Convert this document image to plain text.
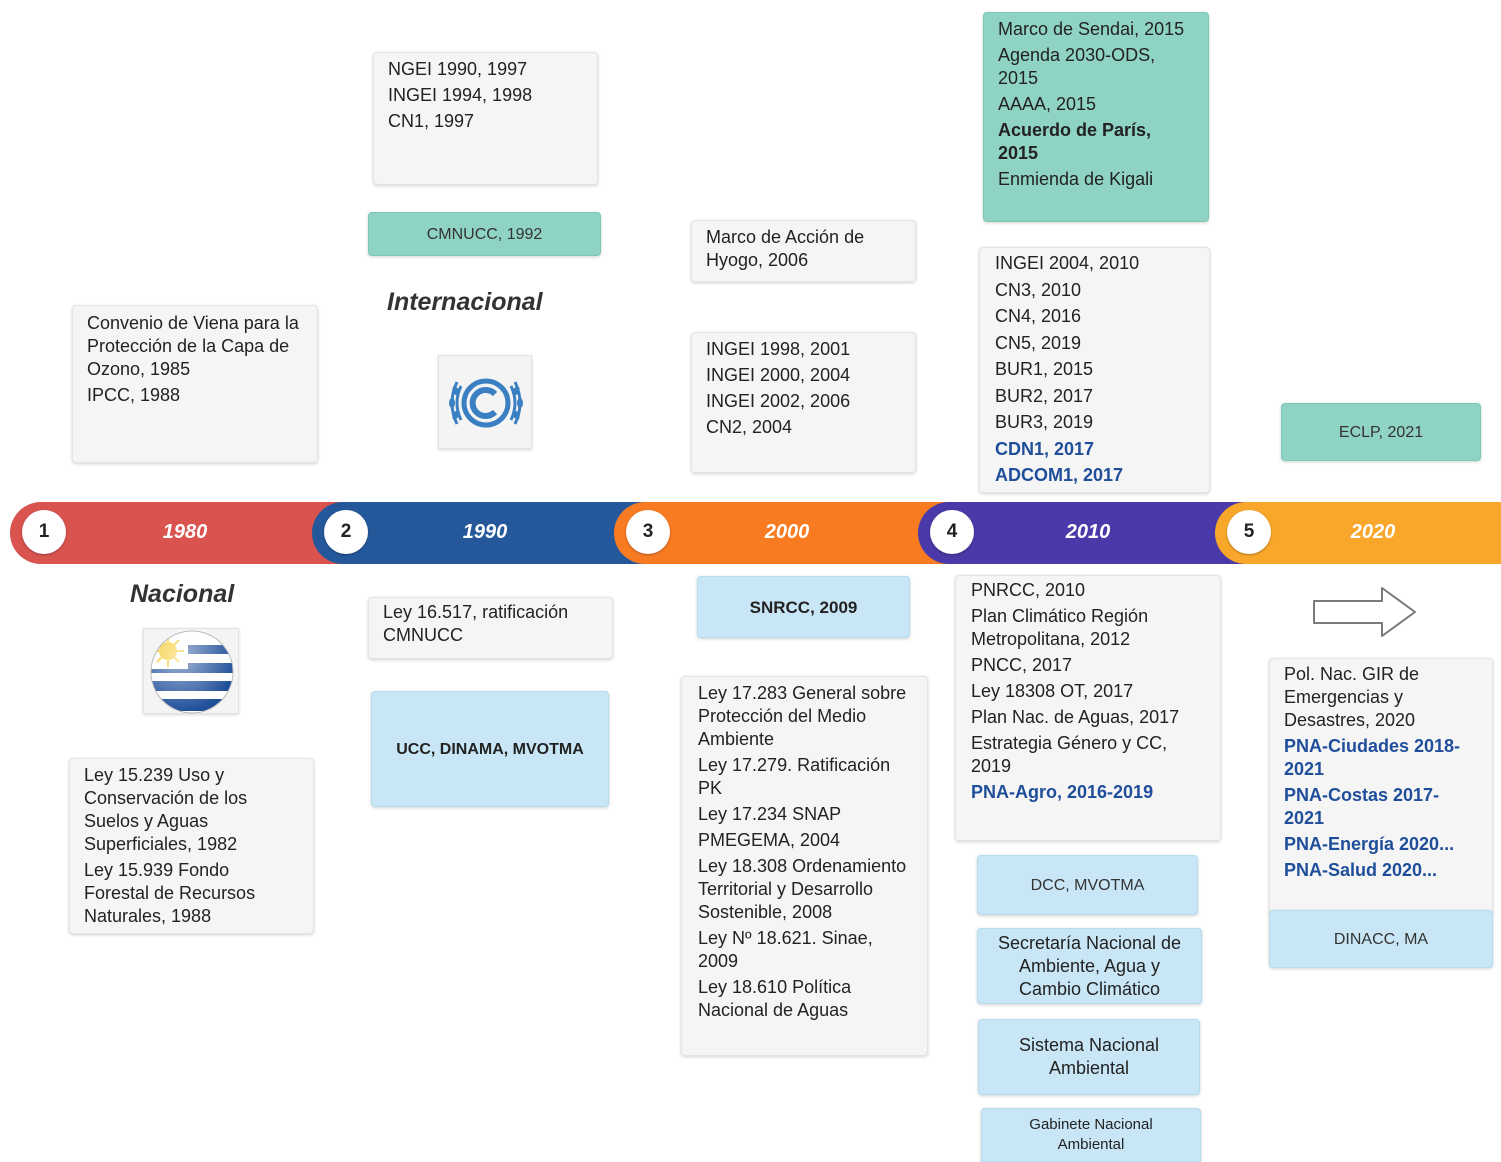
Convenio de Viena para la Protección de la Capa de Ozono, 1985
IPCC, 1988
NGEI 1990, 1997
INGEI 1994, 1998
CN1, 1997
CMNUCC, 1992
Internacional
Marco de Acción de Hyogo, 2006
INGEI 1998, 2001
INGEI 2000, 2004
INGEI 2002, 2006
CN2, 2004
Marco de Sendai, 2015
Agenda 2030-ODS, 2015
AAAA, 2015
Acuerdo de París, 2015
Enmienda de Kigali
INGEI 2004, 2010
CN3, 2010
CN4, 2016
CN5, 2019
BUR1, 2015
BUR2, 2017
BUR3, 2019
CDN1, 2017
ADCOM1, 2017
ECLP, 2021
1	1980	2	1990	3	2000	4	2010	5	2020
Nacional
Ley 15.239 Uso y Conservación de los Suelos y Aguas Superficiales, 1982
Ley 15.939 Fondo Forestal de Recursos Naturales, 1988
Ley 16.517, ratificación CMNUCC
UCC, DINAMA, MVOTMA
SNRCC, 2009
Ley 17.283 General sobre Protección del Medio Ambiente
Ley 17.279. Ratificación PK
Ley 17.234 SNAP
PMEGEMA, 2004
Ley 18.308 Ordenamiento Territorial y Desarrollo Sostenible, 2008
Ley Nº 18.621. Sinae, 2009
Ley 18.610 Política Nacional de Aguas
PNRCC, 2010
Plan Climático Región Metropolitana, 2012
PNCC, 2017
Ley 18308 OT, 2017
Plan Nac. de Aguas, 2017
Estrategia Género y CC, 2019
PNA-Agro, 2016-2019
DCC, MVOTMA
Secretaría Nacional de Ambiente, Agua y Cambio Climático
Sistema Nacional Ambiental
Gabinete Nacional Ambiental
Pol. Nac. GIR de Emergencias y Desastres, 2020
PNA-Ciudades 2018-2021
PNA-Costas 2017-2021
PNA-Energía 2020...
PNA-Salud 2020...
DINACC, MA
